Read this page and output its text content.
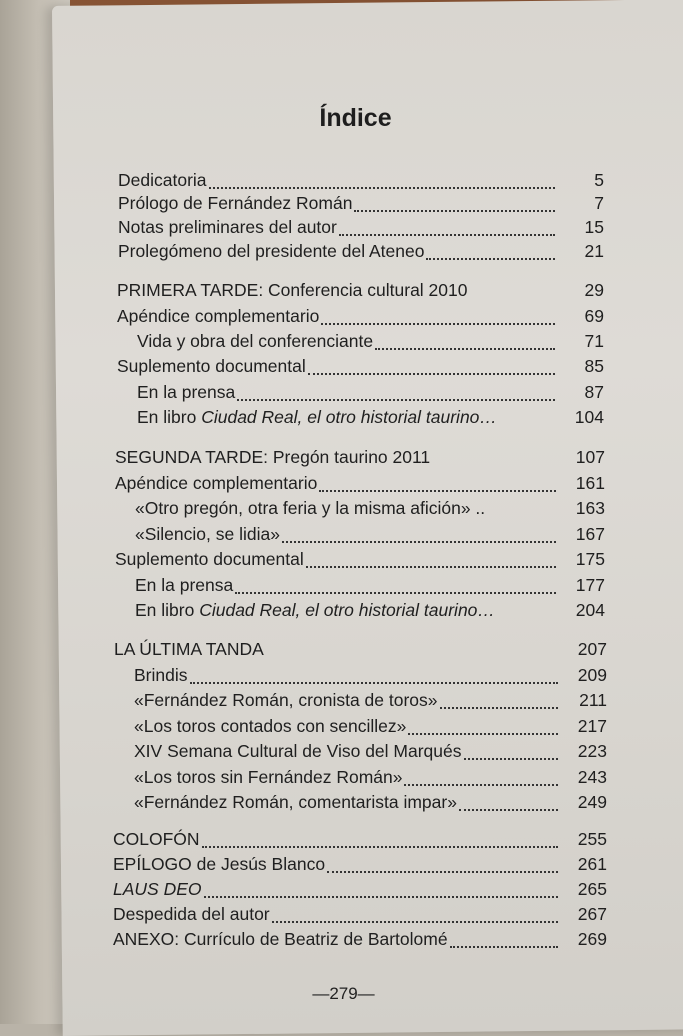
Índice
Dedicatoria	5
Prólogo de Fernández Román	7
Notas preliminares del autor	15
Prolegómeno del presidente del Ateneo	21
PRIMERA TARDE: Conferencia cultural 2010	29
Apéndice complementario	69
Vida y obra del conferenciante	71
Suplemento documental	85
En la prensa	87
En libro Ciudad Real, el otro historial taurino…	104
SEGUNDA TARDE: Pregón taurino 2011	107
Apéndice complementario	161
«Otro pregón, otra feria y la misma afición» ..	163
«Silencio, se lidia»	167
Suplemento documental	175
En la prensa	177
En libro Ciudad Real, el otro historial taurino…	204
LA ÚLTIMA TANDA	207
Brindis	209
«Fernández Román, cronista de toros»	211
«Los toros contados con sencillez»	217
XIV Semana Cultural de Viso del Marqués	223
«Los toros sin Fernández Román»	243
«Fernández Román, comentarista impar»	249
COLOFÓN	255
EPÍLOGO de Jesús Blanco	261
LAUS DEO	265
Despedida del autor	267
ANEXO: Currículo de Beatriz de Bartolomé	269
—279—
